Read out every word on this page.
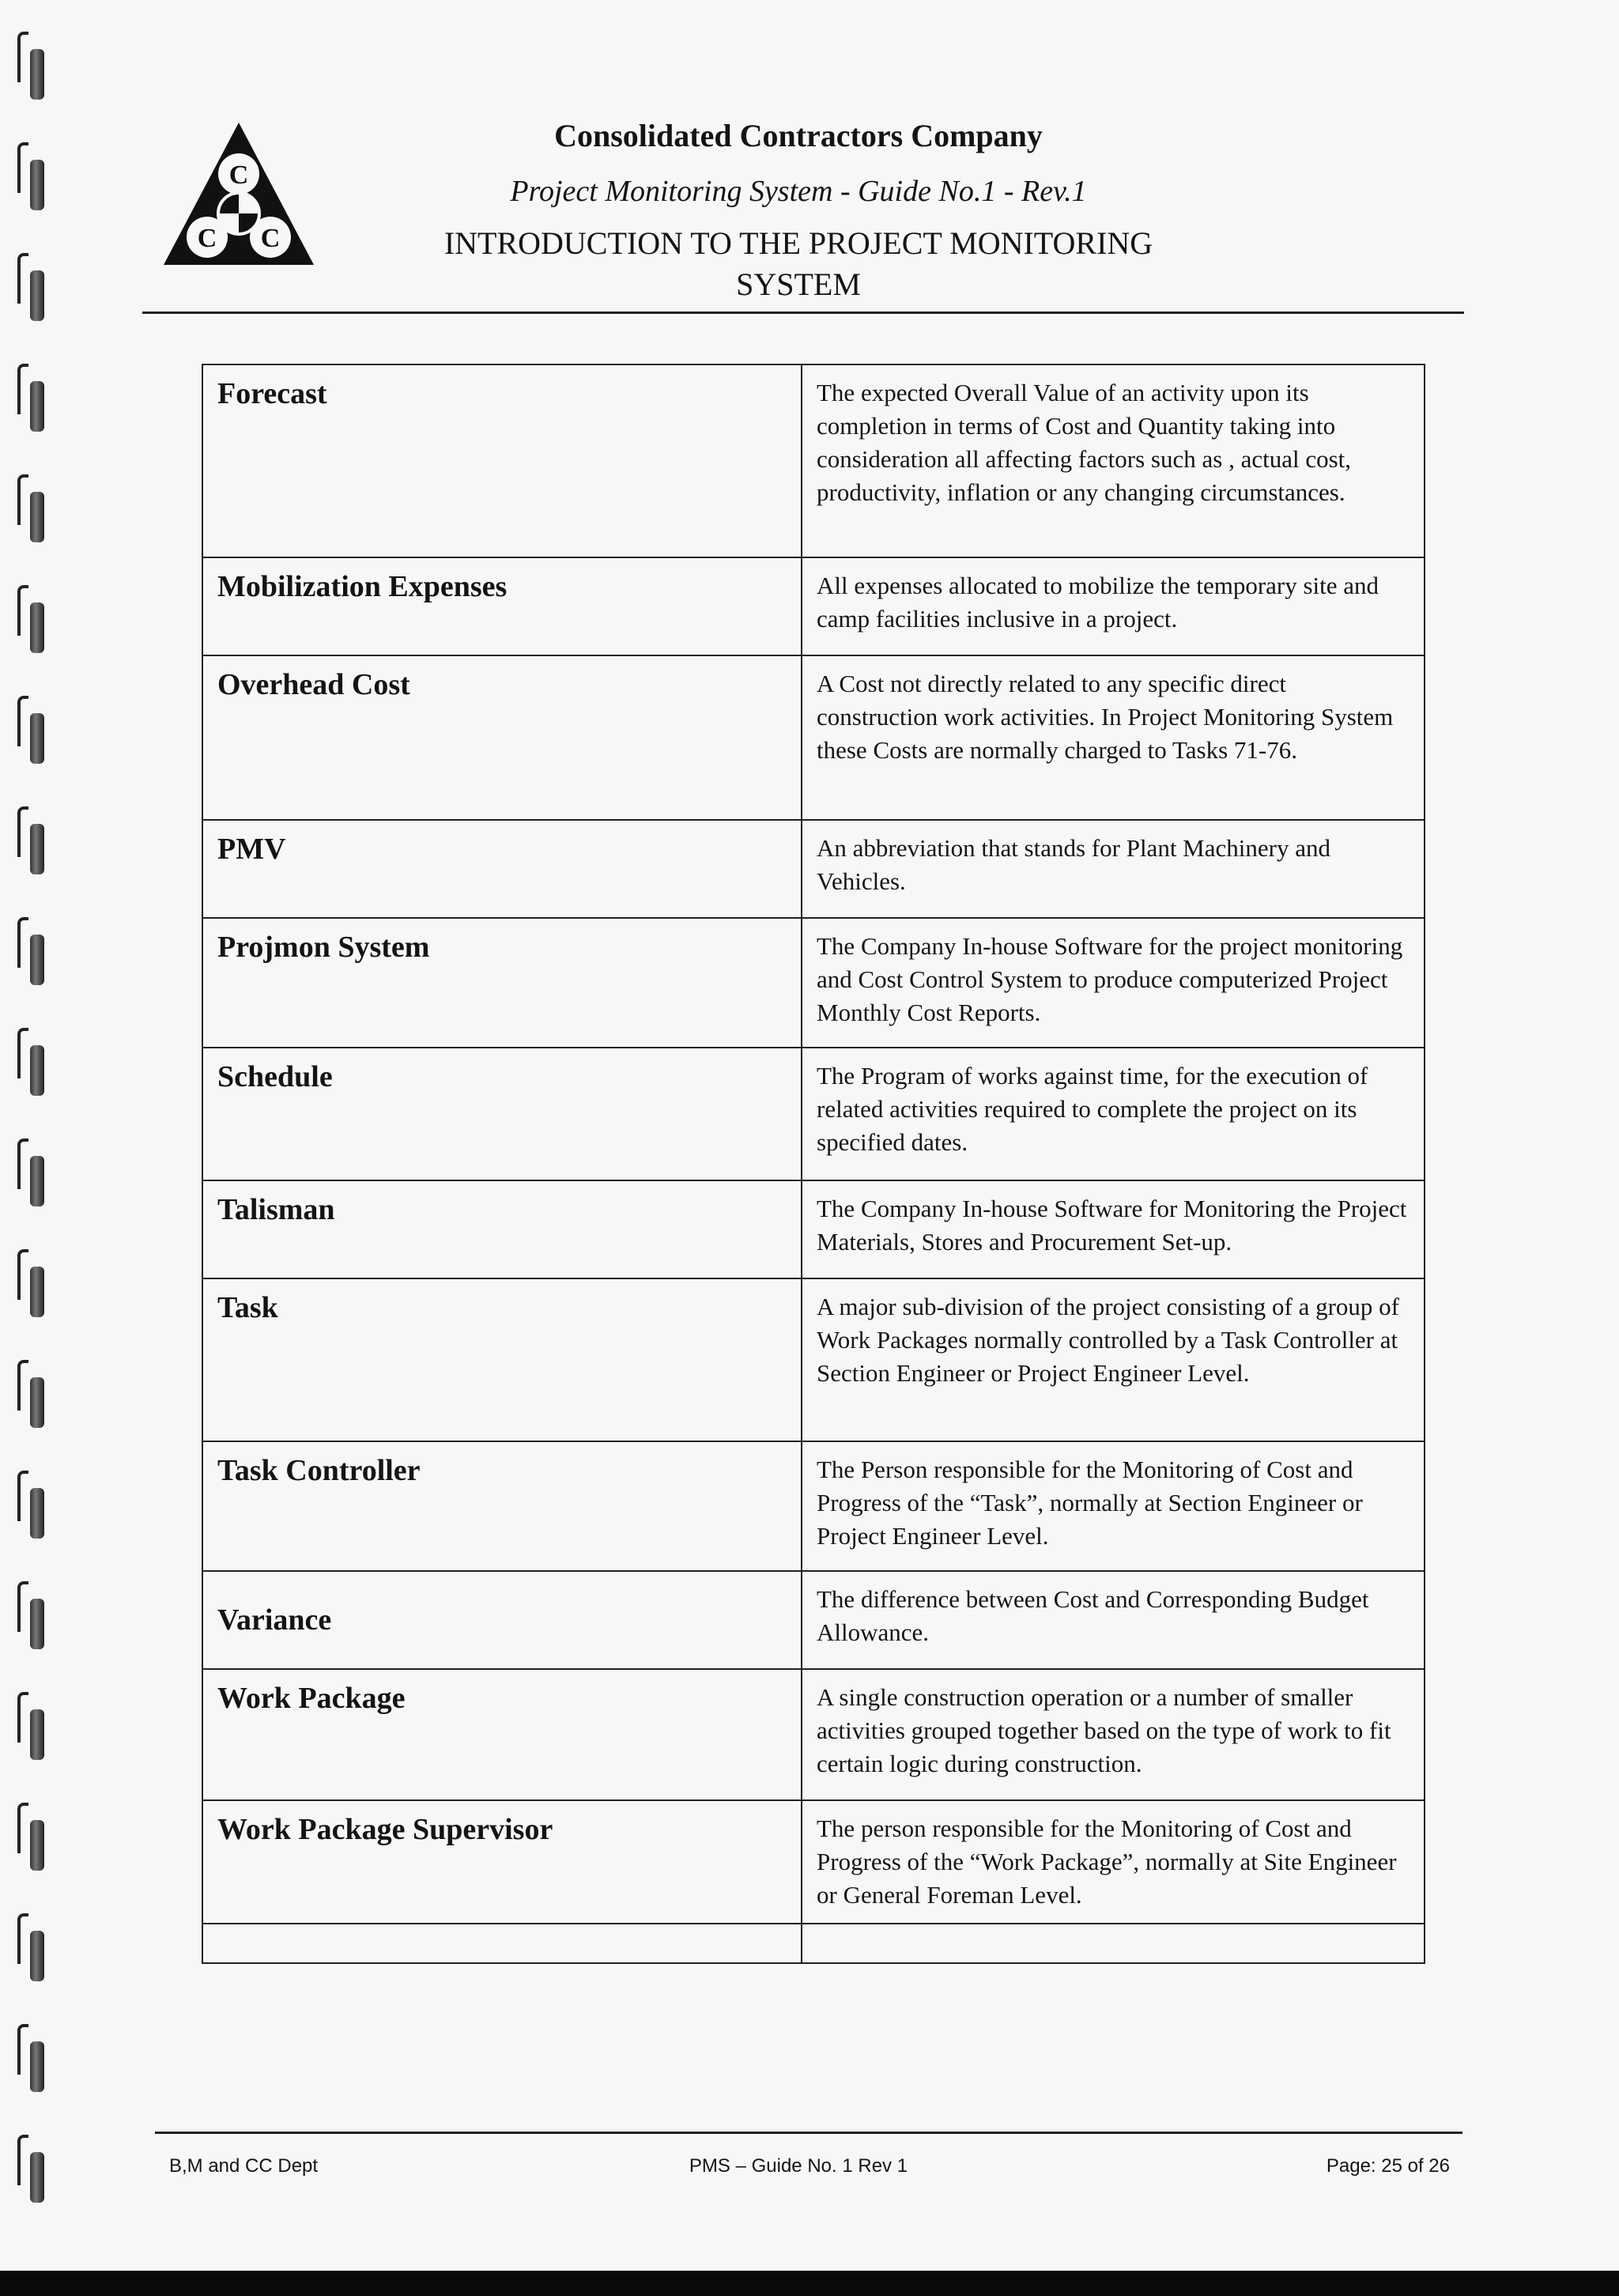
C
C C
Consolidated Contractors Company
Project Monitoring System - Guide No.1 - Rev.1
INTRODUCTION TO THE PROJECT MONITORING
SYSTEM
Forecast	The expected Overall Value of an activity upon its completion in terms of Cost and Quantity taking into consideration all affecting factors such as , actual cost, productivity, inflation or any changing circumstances.
Mobilization Expenses	All expenses allocated to mobilize the temporary site and camp facilities inclusive in a project.
Overhead Cost	A Cost not directly related to any specific direct construction work activities. In Project Monitoring System these Costs are normally charged to Tasks 71-76.
PMV	An abbreviation that stands for Plant Machinery and Vehicles.
Projmon System	The Company In-house Software for the project monitoring and Cost Control System to produce computerized Project Monthly Cost Reports.
Schedule	The Program of works against time, for the execution of related activities required to complete the project on its specified dates.
Talisman	The Company In-house Software for Monitoring the Project Materials, Stores and Procurement Set-up.
Task	A major sub-division of the project consisting of a group of Work Packages normally controlled by a Task Controller at Section Engineer or Project Engineer Level.
Task Controller	The Person responsible for the Monitoring of Cost and Progress of the “Task”, normally at Section Engineer or Project Engineer Level.
Variance	The difference between Cost and Corresponding Budget Allowance.
Work Package	A single construction operation or a number of smaller activities grouped together based on the type of work to fit certain logic during construction.
Work Package Supervisor	The person responsible for the Monitoring of Cost and Progress of the “Work Package”, normally at Site Engineer or General Foreman Level.

B,M and CC Dept	PMS – Guide No. 1 Rev 1	Page: 25 of 26
